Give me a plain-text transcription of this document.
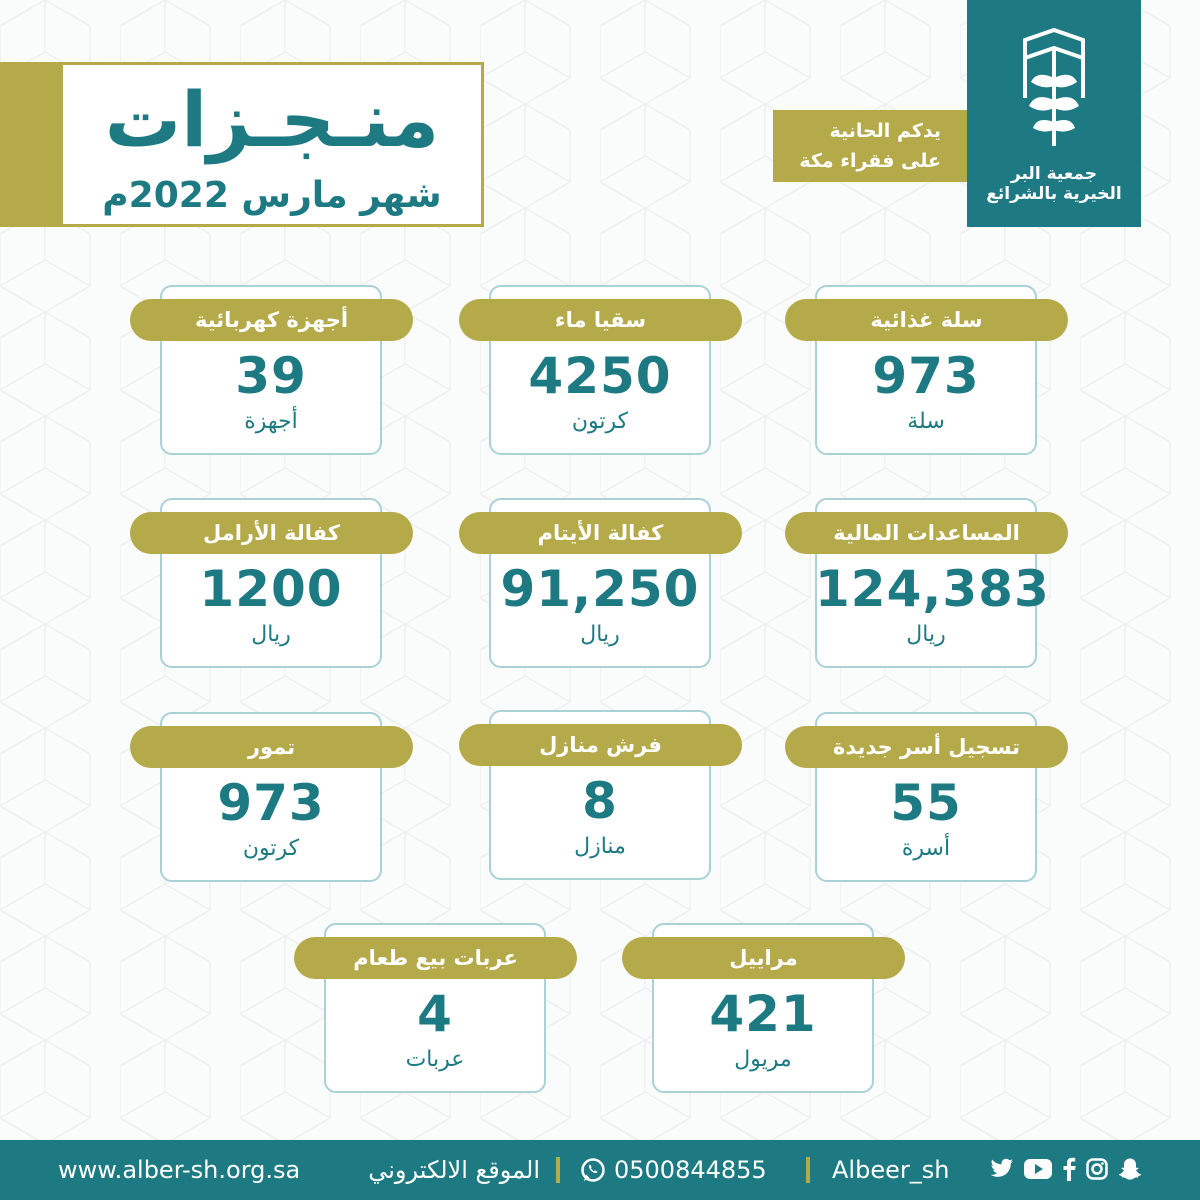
منـجـزات
شهر مارس 2022م
يدكم الحانية
على فقراء مكة
جمعية البر
الخيرية بالشرائع
سلة غذائية
973
سلة
سقيا ماء
4250
كرتون
أجهزة كهربائية
39
أجهزة
المساعدات المالية
124,383
ريال
كفالة الأيتام
91,250
ريال
كفالة الأرامل
1200
ريال
تسجيل أسر جديدة
55
أسرة
فرش منازل
8
منازل
تمور
973
كرتون
مراييل
421
مريول
عربات بيع طعام
4
عربات
Albeer_sh
0500844855
الموقع الالكتروني
www.alber-sh.org.sa
